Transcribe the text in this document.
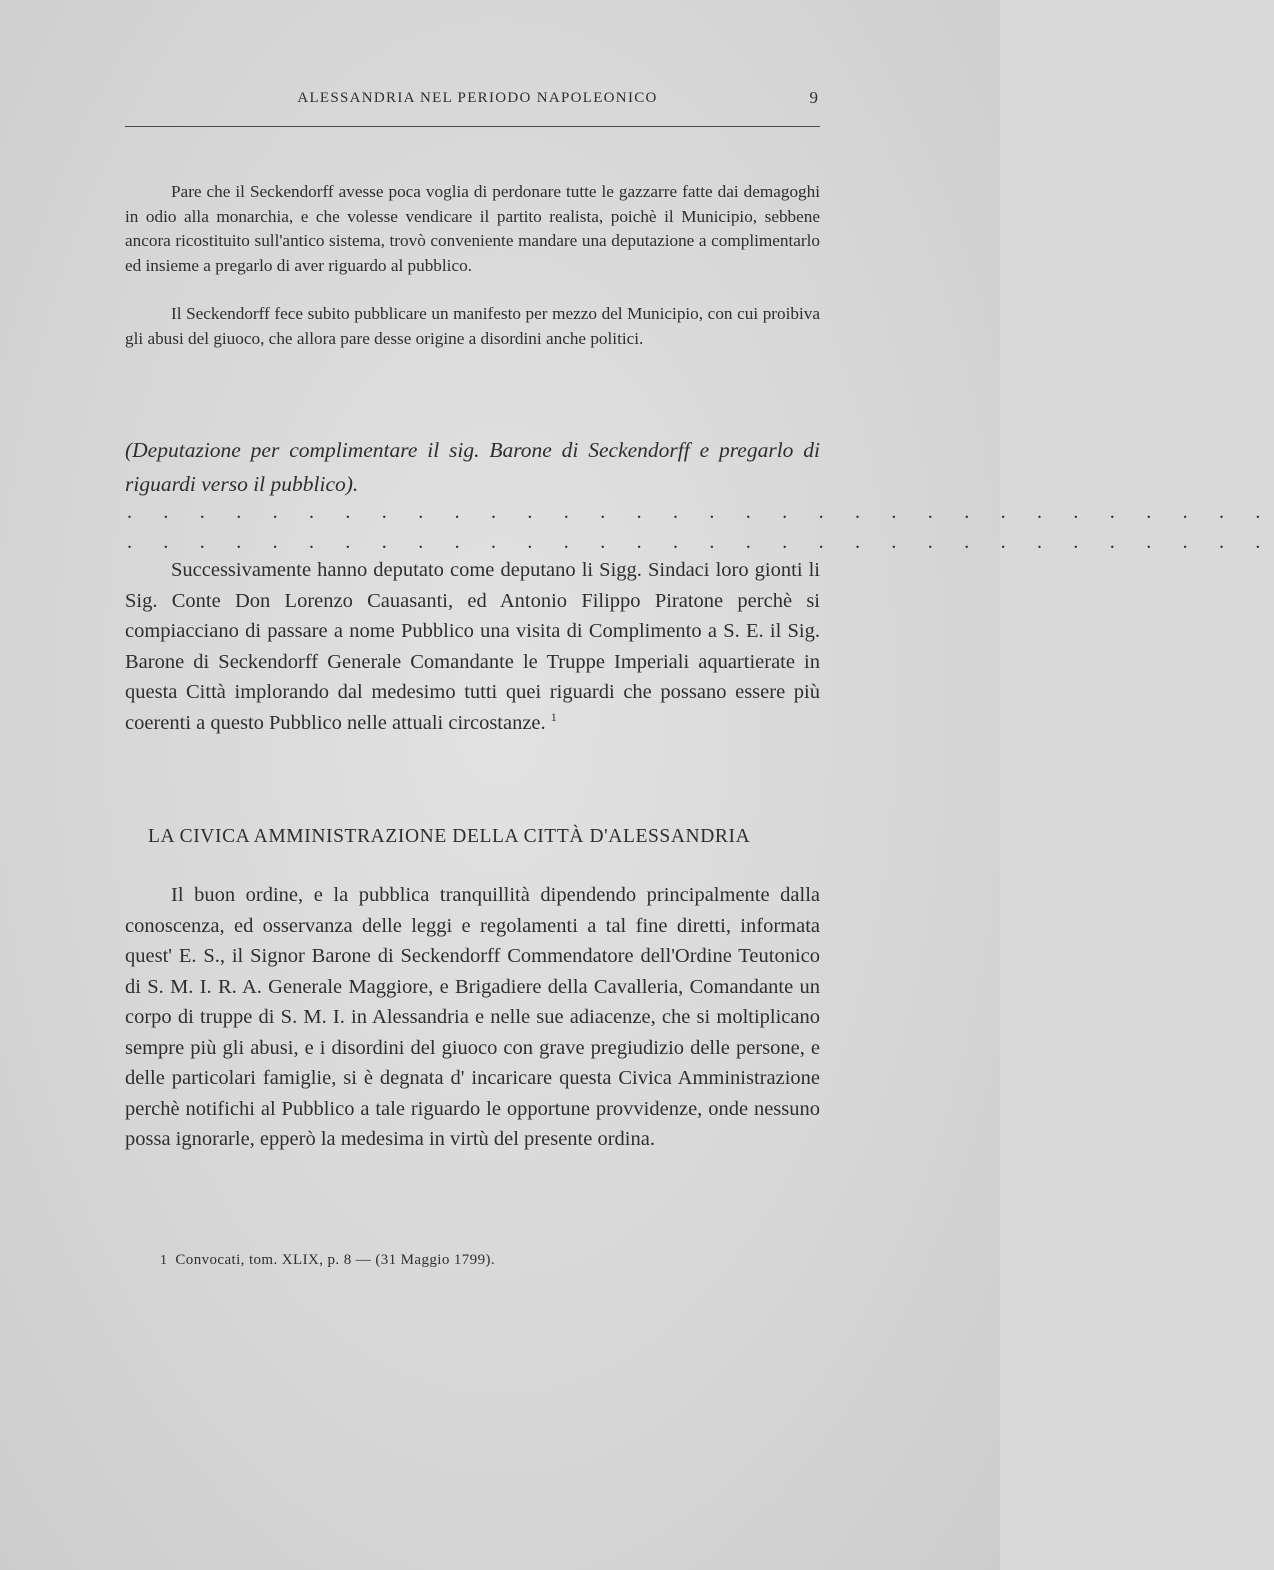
ALESSANDRIA NEL PERIODO NAPOLEONICO	9

Pare che il Seckendorff avesse poca voglia di perdonare tutte le gazzarre fatte dai demagoghi in odio alla monarchia, e che volesse vendicare il partito realista, poichè il Municipio, sebbene ancora ricostituito sull'antico sistema, trovò conveniente mandare una deputazione a complimentarlo ed insieme a pregarlo di aver riguardo al pubblico.

Il Seckendorff fece subito pubblicare un manifesto per mezzo del Municipio, con cui proibiva gli abusi del giuoco, che allora pare desse origine a disordini anche politici.

(Deputazione per complimentare il sig. Barone di Seckendorff e pregarlo di riguardi verso il pubblico).

. . . . . . . . . . . . . . . . . . . . . . . . . . . . . . . .
. . . . . . . . . . . . . . . . . . . . . . . . . . . . . . . .

Successivamente hanno deputato come deputano li Sigg. Sindaci loro gionti li Sig. Conte Don Lorenzo Cauasanti, ed Antonio Filippo Piratone perchè si compiacciano di passare a nome Pubblico una visita di Complimento a S. E. il Sig. Barone di Seckendorff Generale Comandante le Truppe Imperiali aquartierate in questa Città implorando dal medesimo tutti quei riguardi che possano essere più coerenti a questo Pubblico nelle attuali circostanze. $^1$

LA CIVICA AMMINISTRAZIONE DELLA CITTÀ D'ALESSANDRIA

Il buon ordine, e la pubblica tranquillità dipendendo principalmente dalla conoscenza, ed osservanza delle leggi e regolamenti a tal fine diretti, informata quest' E. S., il Signor Barone di Seckendorff Commendatore dell'Ordine Teutonico di S. M. I. R. A. Generale Maggiore, e Brigadiere della Cavalleria, Comandante un corpo di truppe di S. M. I. in Alessandria e nelle sue adiacenze, che si moltiplicano sempre più gli abusi, e i disordini del giuoco con grave pregiudizio delle persone, e delle particolari famiglie, si è degnata d' incaricare questa Civica Amministrazione perchè notifichi al Pubblico a tale riguardo le opportune provvidenze, onde nessuno possa ignorarle, epperò la medesima in virtù del presente ordina.

1 Convocati, tom. XLIX, p. 8 — (31 Maggio 1799).
